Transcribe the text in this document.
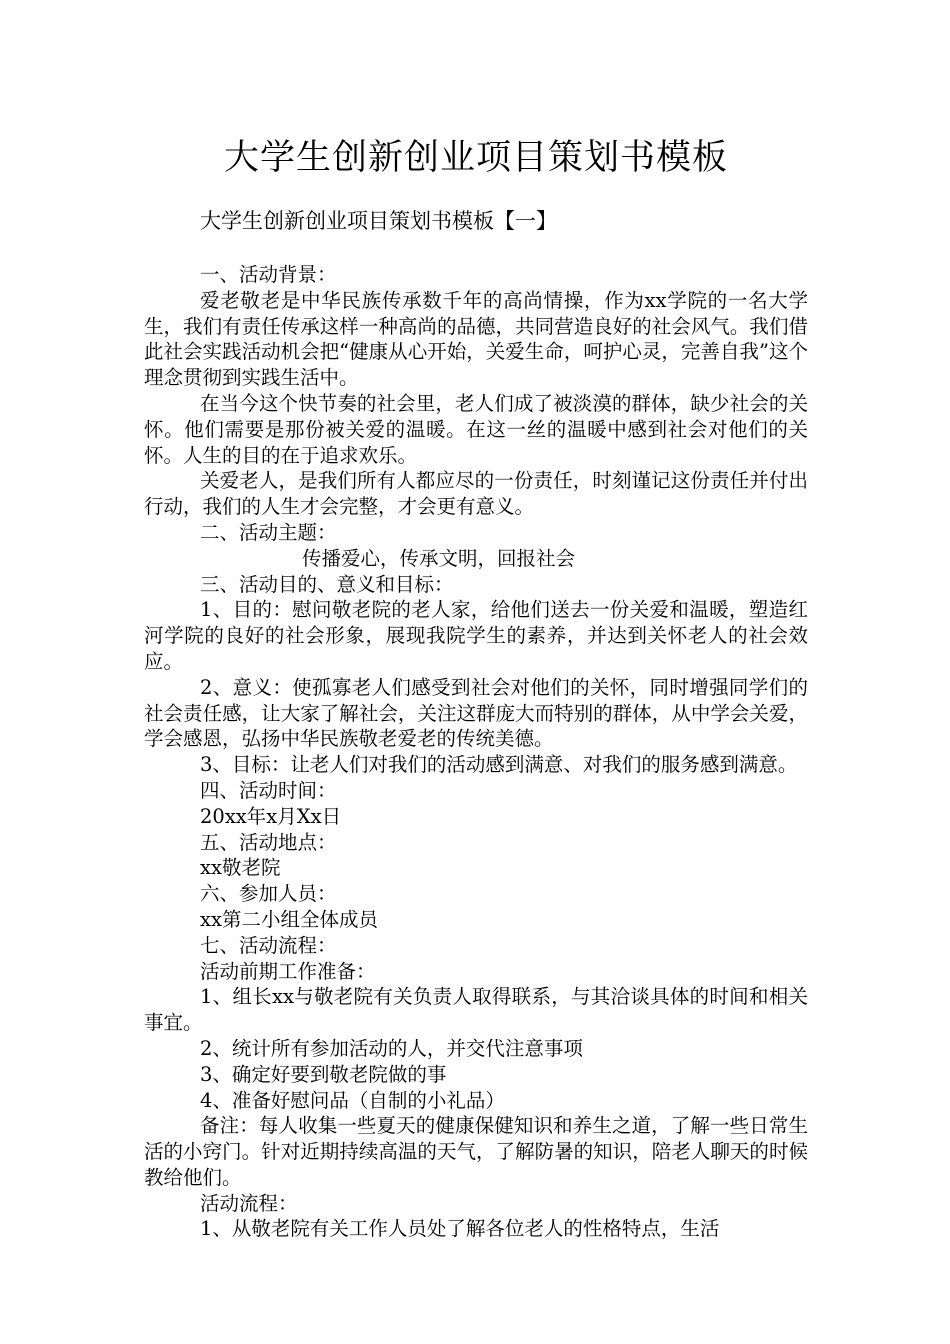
大学生创新创业项目策划书模板

大学生创新创业项目策划书模板【一】

一、活动背景：

爱老敬老是中华民族传承数千年的高尚情操，作为xx学院的一名大学生，我们有责任传承这样一种高尚的品德，共同营造良好的社会风气。我们借此社会实践活动机会把“健康从心开始，关爱生命，呵护心灵，完善自我”这个理念贯彻到实践生活中。

在当今这个快节奏的社会里，老人们成了被淡漠的群体，缺少社会的关怀。他们需要是那份被关爱的温暖。在这一丝的温暖中感到社会对他们的关怀。人生的目的在于追求欢乐。

关爱老人，是我们所有人都应尽的一份责任，时刻谨记这份责任并付出行动，我们的人生才会完整，才会更有意义。

二、活动主题：

传播爱心，传承文明，回报社会

三、活动目的、意义和目标：

1、目的：慰问敬老院的老人家，给他们送去一份关爱和温暖，塑造红河学院的良好的社会形象，展现我院学生的素养，并达到关怀老人的社会效应。

2、意义：使孤寡老人们感受到社会对他们的关怀，同时增强同学们的社会责任感，让大家了解社会，关注这群庞大而特别的群体，从中学会关爱，学会感恩，弘扬中华民族敬老爱老的传统美德。

3、目标：让老人们对我们的活动感到满意、对我们的服务感到满意。

四、活动时间：

20xx年x月Xx日

五、活动地点：

xx敬老院

六、参加人员：

xx第二小组全体成员

七、活动流程：

活动前期工作准备：

1、组长xx与敬老院有关负责人取得联系，与其洽谈具体的时间和相关事宜。

2、统计所有参加活动的人，并交代注意事项

3、确定好要到敬老院做的事

4、准备好慰问品（自制的小礼品）

备注：每人收集一些夏天的健康保健知识和养生之道，了解一些日常生活的小窍门。针对近期持续高温的天气，了解防暑的知识，陪老人聊天的时候教给他们。

活动流程：

1、从敬老院有关工作人员处了解各位老人的性格特点，生活
